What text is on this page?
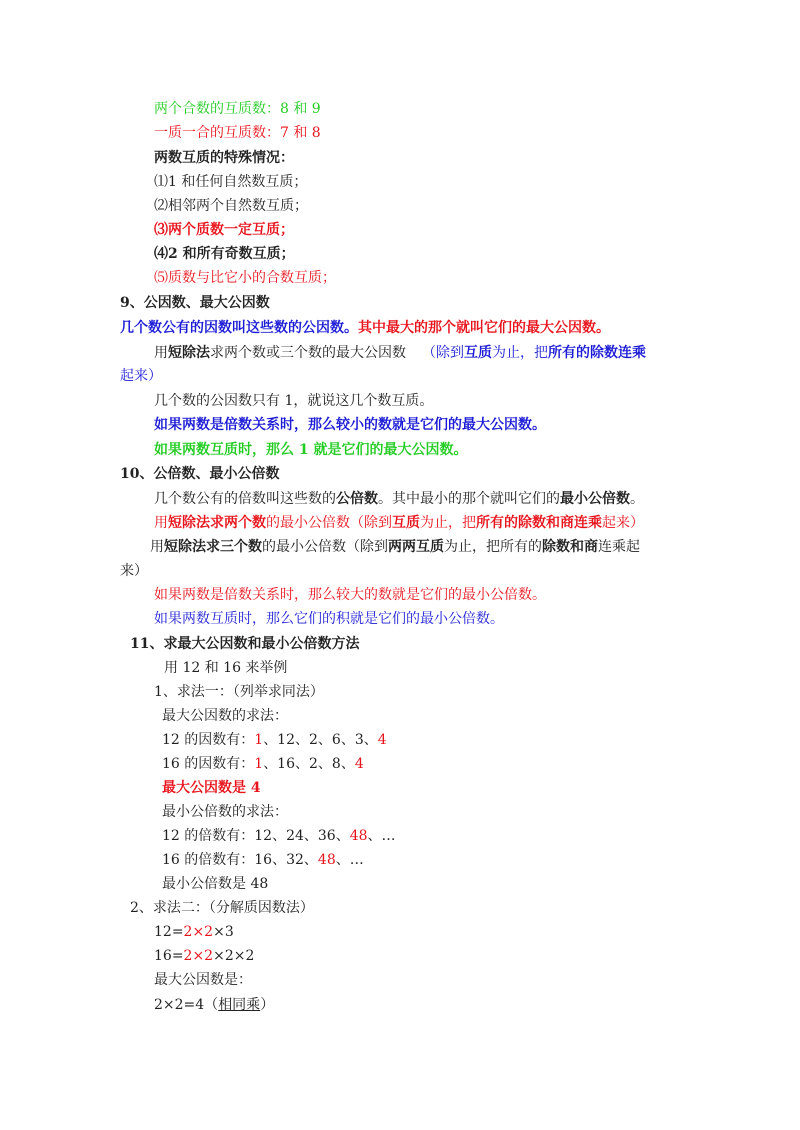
两个合数的互质数：8 和 9
一质一合的互质数：7 和 8
两数互质的特殊情况：
⑴1 和任何自然数互质；
⑵相邻两个自然数互质；
⑶两个质数一定互质；
⑷2 和所有奇数互质；
⑸质数与比它小的合数互质；
9、公因数、最大公因数
几个数公有的因数叫这些数的公因数。其中最大的那个就叫它们的最大公因数。
用短除法求两个数或三个数的最大公因数 （除到互质为止，把所有的除数连乘
起来）
几个数的公因数只有 1，就说这几个数互质。
如果两数是倍数关系时，那么较小的数就是它们的最大公因数。
如果两数互质时，那么 1 就是它们的最大公因数。
10、公倍数、最小公倍数
几个数公有的倍数叫这些数的公倍数。其中最小的那个就叫它们的最小公倍数。
用短除法求两个数的最小公倍数（除到互质为止，把所有的除数和商连乘起来）
用短除法求三个数的最小公倍数（除到两两互质为止，把所有的除数和商连乘起
来）
如果两数是倍数关系时，那么较大的数就是它们的最小公倍数。
如果两数互质时，那么它们的积就是它们的最小公倍数。
11、求最大公因数和最小公倍数方法
用 12 和 16 来举例
1、求法一：（列举求同法）
最大公因数的求法：
12 的因数有：1、12、2、6、3、4
16 的因数有：1、16、2、8、4
最大公因数是 4
最小公倍数的求法：
12 的倍数有：12、24、36、48、…
16 的倍数有：16、32、48、…
最小公倍数是 48
2、求法二：（分解质因数法）
12=2×2×3
16=2×2×2×2
最大公因数是：
2×2=4（相同乘）
